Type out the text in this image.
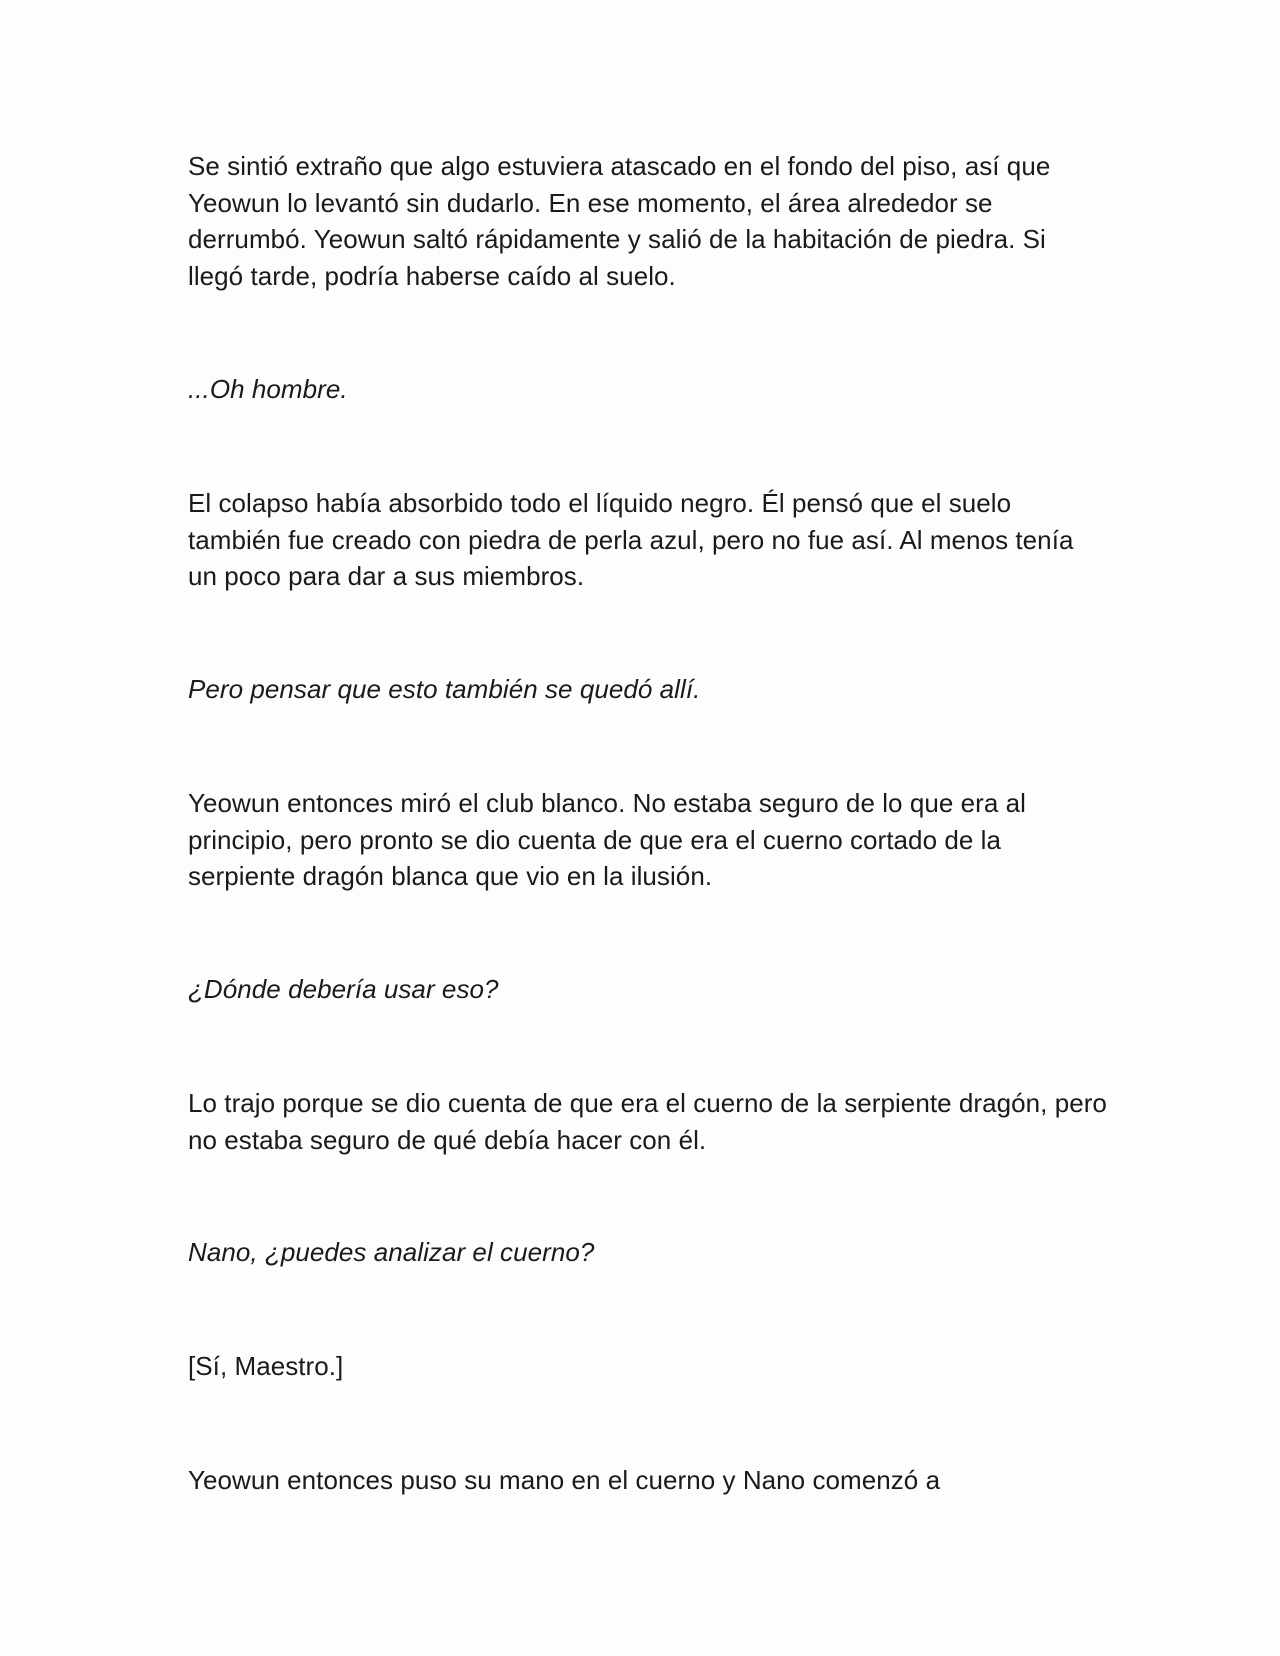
Se sintió extraño que algo estuviera atascado en el fondo del piso, así que Yeowun lo levantó sin dudarlo. En ese momento, el área alrededor se derrumbó. Yeowun saltó rápidamente y salió de la habitación de piedra. Si llegó tarde, podría haberse caído al suelo.

...Oh hombre.

El colapso había absorbido todo el líquido negro. Él pensó que el suelo también fue creado con piedra de perla azul, pero no fue así. Al menos tenía un poco para dar a sus miembros.

Pero pensar que esto también se quedó allí.

Yeowun entonces miró el club blanco. No estaba seguro de lo que era al principio, pero pronto se dio cuenta de que era el cuerno cortado de la serpiente dragón blanca que vio en la ilusión.

¿Dónde debería usar eso?

Lo trajo porque se dio cuenta de que era el cuerno de la serpiente dragón, pero no estaba seguro de qué debía hacer con él.

Nano, ¿puedes analizar el cuerno?

[Sí, Maestro.]

Yeowun entonces puso su mano en el cuerno y Nano comenzó a
